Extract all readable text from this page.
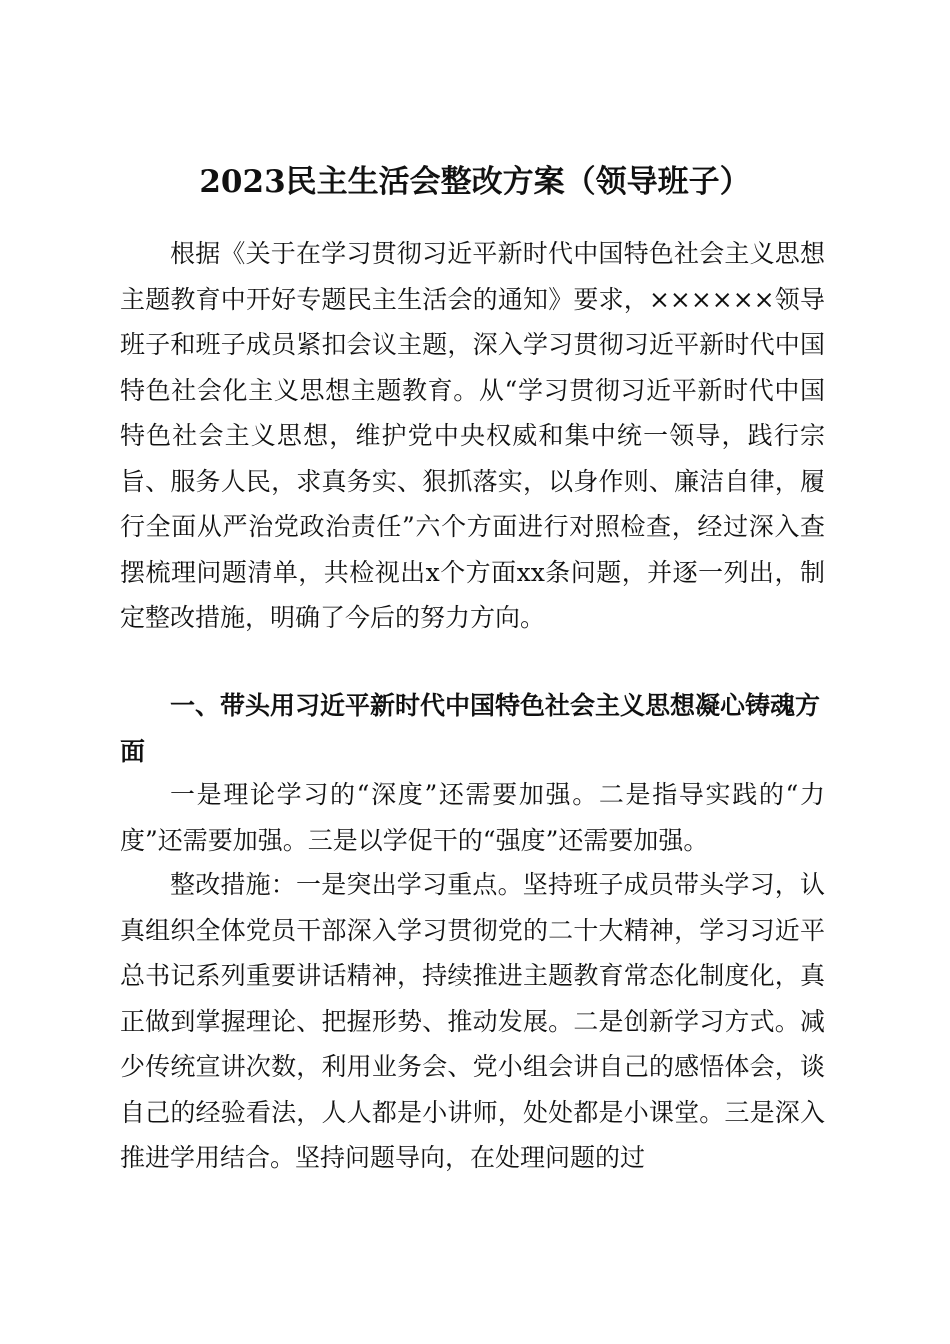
2023民主生活会整改方案（领导班子）

根据《关于在学习贯彻习近平新时代中国特色社会主义思想主题教育中开好专题民主生活会的通知》要求，××××××领导班子和班子成员紧扣会议主题，深入学习贯彻习近平新时代中国特色社会化主义思想主题教育。从“学习贯彻习近平新时代中国特色社会主义思想，维护党中央权威和集中统一领导，践行宗旨、服务人民，求真务实、狠抓落实，以身作则、廉洁自律，履行全面从严治党政治责任”六个方面进行对照检查，经过深入查摆梳理问题清单，共检视出x个方面xx条问题，并逐一列出，制定整改措施，明确了今后的努力方向。

一、带头用习近平新时代中国特色社会主义思想凝心铸魂方面

一是理论学习的“深度”还需要加强。二是指导实践的“力度”还需要加强。三是以学促干的“强度”还需要加强。

整改措施：一是突出学习重点。坚持班子成员带头学习，认真组织全体党员干部深入学习贯彻党的二十大精神，学习习近平总书记系列重要讲话精神，持续推进主题教育常态化制度化，真正做到掌握理论、把握形势、推动发展。二是创新学习方式。减少传统宣讲次数，利用业务会、党小组会讲自己的感悟体会，谈自己的经验看法，人人都是小讲师，处处都是小课堂。三是深入推进学用结合。坚持问题导向，在处理问题的过
